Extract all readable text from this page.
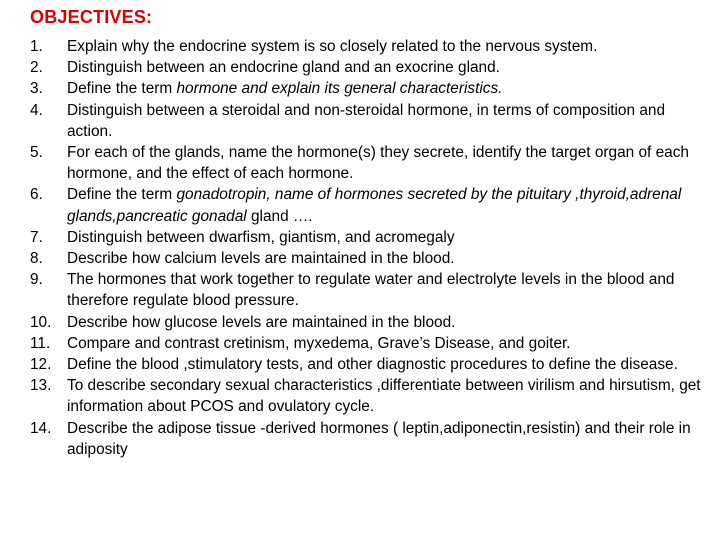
OBJECTIVES:
1.	Explain why the endocrine system is so closely related to the nervous system.
2.	Distinguish between an endocrine gland and an exocrine gland.
3.	Define the term hormone and explain its general characteristics.
4.	Distinguish between a steroidal and non-steroidal hormone, in terms of composition and action.
5.	For each of the glands, name the hormone(s) they secrete, identify the target organ of each hormone, and the effect of each hormone.
6.	Define the term gonadotropin, name of hormones secreted by the pituitary ,thyroid,adrenal glands,pancreatic gonadal gland ….
7.	Distinguish between dwarfism, giantism, and acromegaly
8.	Describe how calcium levels are maintained in the blood.
9.	The hormones that work together to regulate water and electrolyte levels in the blood and therefore regulate blood pressure.
10.	Describe how glucose levels are maintained in the blood.
11.	Compare and contrast cretinism, myxedema, Grave’s Disease, and goiter.
12.	Define the blood ,stimulatory tests, and other diagnostic procedures to define the disease.
13.	To describe secondary sexual characteristics ,differentiate between virilism and hirsutism, get information about PCOS and ovulatory cycle.
14.	Describe the adipose tissue -derived hormones ( leptin,adiponectin,resistin) and their role in adiposity
